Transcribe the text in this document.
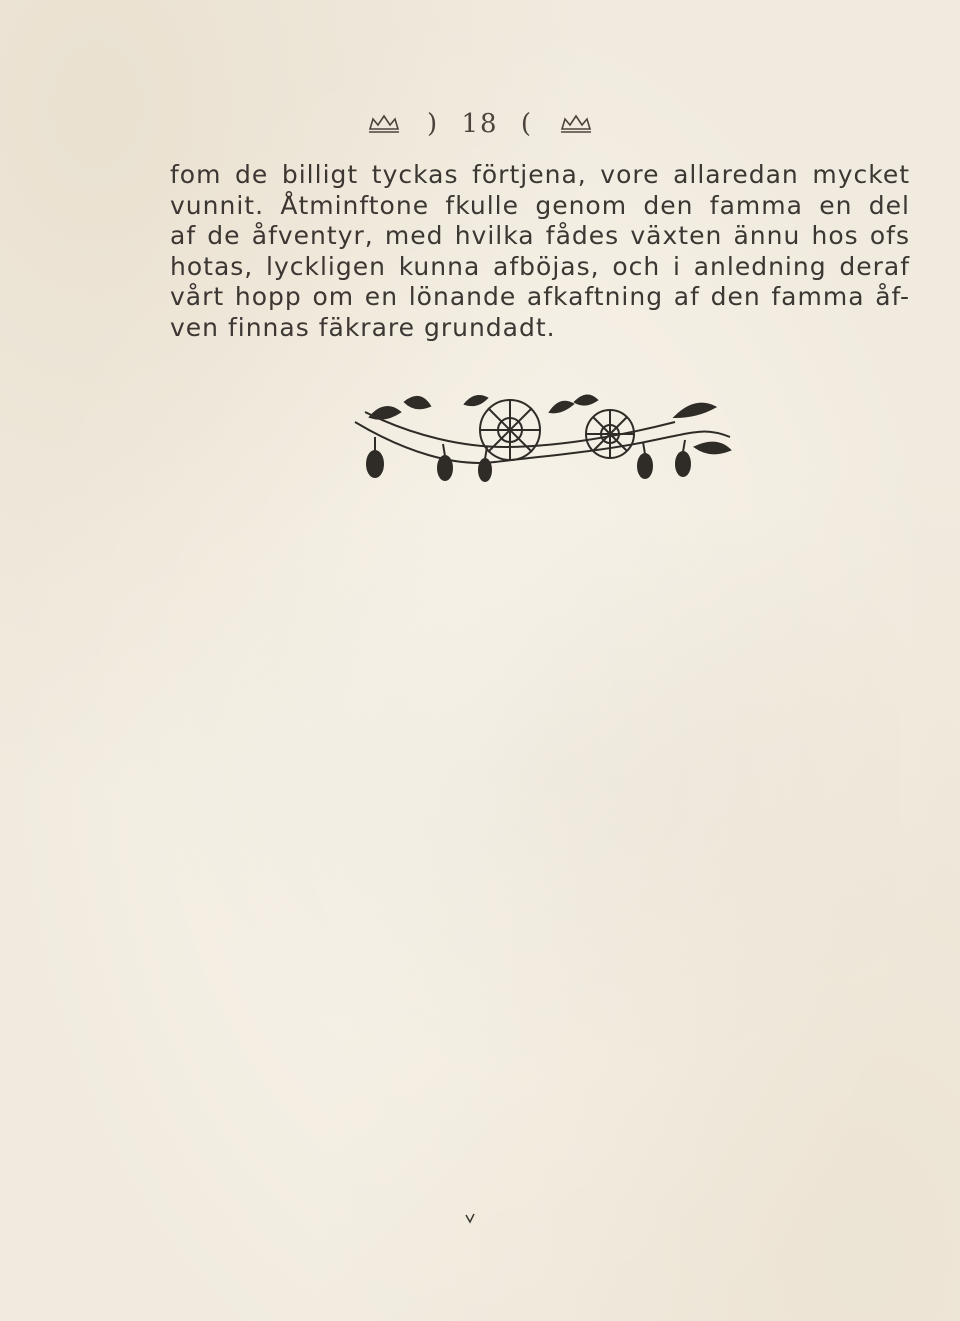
) 18 (
fom de billigt tyckas förtjena, vore allaredan mycket
vunnit. Åtminftone fkulle genom den famma en del
af de åfventyr, med hvilka fådes växten ännu hos ofs
hotas, lyckligen kunna afböjas, och i anledning deraf
vårt hopp om en lönande afkaftning af den famma åf-
ven finnas fäkrare grundadt.
